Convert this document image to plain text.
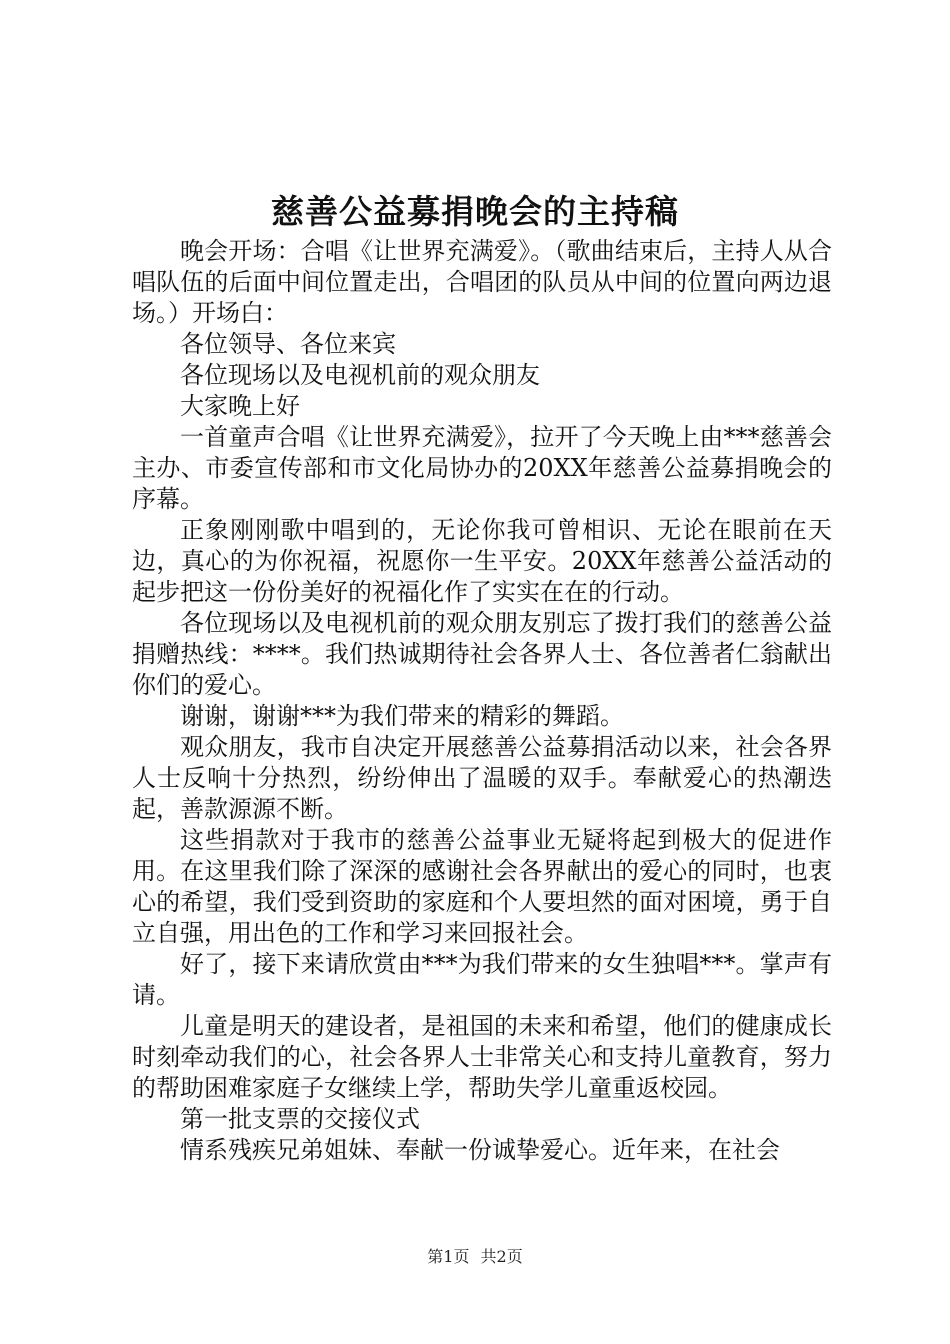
慈善公益募捐晚会的主持稿

晚会开场：合唱《让世界充满爱》。（歌曲结束后，主持人从合唱队伍的后面中间位置走出，合唱团的队员从中间的位置向两边退场。）开场白：

各位领导、各位来宾

各位现场以及电视机前的观众朋友

大家晚上好

一首童声合唱《让世界充满爱》，拉开了今天晚上由***慈善会主办、市委宣传部和市文化局协办的20XX年慈善公益募捐晚会的序幕。

正象刚刚歌中唱到的，无论你我可曾相识、无论在眼前在天边，真心的为你祝福，祝愿你一生平安。20XX年慈善公益活动的起步把这一份份美好的祝福化作了实实在在的行动。

各位现场以及电视机前的观众朋友别忘了拨打我们的慈善公益捐赠热线：****。我们热诚期待社会各界人士、各位善者仁翁献出你们的爱心。

谢谢，谢谢***为我们带来的精彩的舞蹈。

观众朋友，我市自决定开展慈善公益募捐活动以来，社会各界人士反响十分热烈，纷纷伸出了温暖的双手。奉献爱心的热潮迭起，善款源源不断。

这些捐款对于我市的慈善公益事业无疑将起到极大的促进作用。在这里我们除了深深的感谢社会各界献出的爱心的同时，也衷心的希望，我们受到资助的家庭和个人要坦然的面对困境，勇于自立自强，用出色的工作和学习来回报社会。

好了，接下来请欣赏由***为我们带来的女生独唱***。掌声有请。

儿童是明天的建设者，是祖国的未来和希望，他们的健康成长时刻牵动我们的心，社会各界人士非常关心和支持儿童教育，努力的帮助困难家庭子女继续上学，帮助失学儿童重返校园。

第一批支票的交接仪式

情系残疾兄弟姐妹、奉献一份诚挚爱心。近年来，在社会

第1页 共2页
